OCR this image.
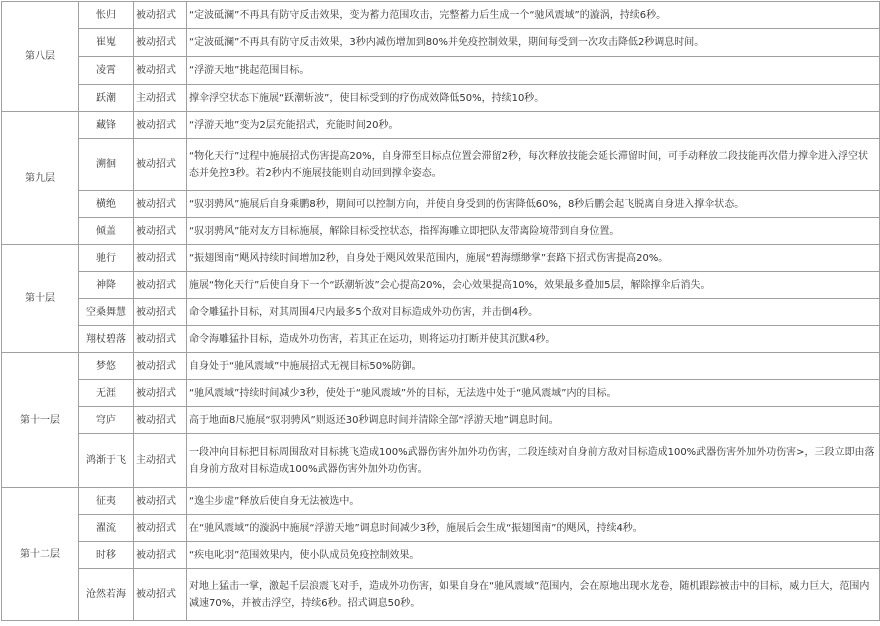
第八层	怅归	被动招式	“定波砥澜”不再具有防守反击效果，变为蓄力范围攻击，完整蓄力后生成一个“驰风震域”的漩涡，持续6秒。
	崔嵬	被动招式	“定波砥澜”不再具有防守反击效果，3秒内减伤增加到80%并免疫控制效果，期间每受到一次攻击降低2秒调息时间。
	凌霄	被动招式	“浮游天地”挑起范围目标。
	跃潮	主动招式	撑伞浮空状态下施展“跃潮斩波”，使目标受到的疗伤成效降低50%，持续10秒。
第九层	藏锋	被动招式	“浮游天地”变为2层充能招式，充能时间20秒。
	溯徊	被动招式	“物化天行”过程中施展招式伤害提高20%，自身滞至目标点位置会滞留2秒，每次释放技能会延长滞留时间，可手动释放二段技能再次借力撑伞进入浮空状态并免控3秒。若2秒内不施展技能则自动回到撑伞姿态。
	横绝	被动招式	“驭羽骋风”施展后自身乘鹏8秒，期间可以控制方向，并使自身受到的伤害降低60%，8秒后鹏会起飞脱离自身进入撑伞状态。
	倾盖	被动招式	“驭羽骋风”能对友方目标施展，解除目标受控状态，指挥海雕立即把队友带离险境带到自身位置。
第十层	驰行	被动招式	“振翅图南”飓风持续时间增加2秒，自身处于飓风效果范围内，施展“碧海缥缈掌”套路下招式伤害提高20%。
	神降	被动招式	施展“物化天行”后使自身下一个“跃潮斩波”会心提高20%，会心效果提高10%，效果最多叠加5层，解除撑伞后消失。
	空桑舞慧	被动招式	命令雕猛扑目标，对其周围4尺内最多5个敌对目标造成外功伤害，并击倒4秒。
	翔杖碧落	被动招式	命令海雕猛扑目标，造成外功伤害，若其正在运功，则将运功打断并使其沉默4秒。
第十一层	梦悠	被动招式	自身处于“驰风震域”中施展招式无视目标50%防御。
	无涯	被动招式	“驰风震域”持续时间减少3秒，使处于“驰风震域”外的目标，无法选中处于“驰风震域”内的目标。
	穹庐	被动招式	高于地面8尺施展“驭羽骋风”则返还30秒调息时间并清除全部“浮游天地”调息时间。
	鸿渐于飞	主动招式	一段冲向目标把目标周围敌对目标挑飞造成100%武器伤害外加外功伤害，二段连续对自身前方敌对目标造成100%武器伤害外加外功伤害>，三段立即由落自身前方敌对目标造成100%武器伤害外加外功伤害。
第十二层	征夷	被动招式	“逸尘步虚”释放后使自身无法被选中。
	濯流	被动招式	在“驰风震域”的漩涡中施展“浮游天地”调息时间减少3秒，施展后会生成“振翅图南”的飓风，持续4秒。
	时移	被动招式	“疾电叱羽”范围效果内，使小队成员免疫控制效果。
	沧然若海	被动招式	对地上猛击一掌，激起千层浪震飞对手，造成外功伤害，如果自身在“驰风震域”范围内，会在原地出现水龙卷，随机跟踪被击中的目标，威力巨大，范围内减速70%，并被击浮空，持续6秒。招式调息50秒。
